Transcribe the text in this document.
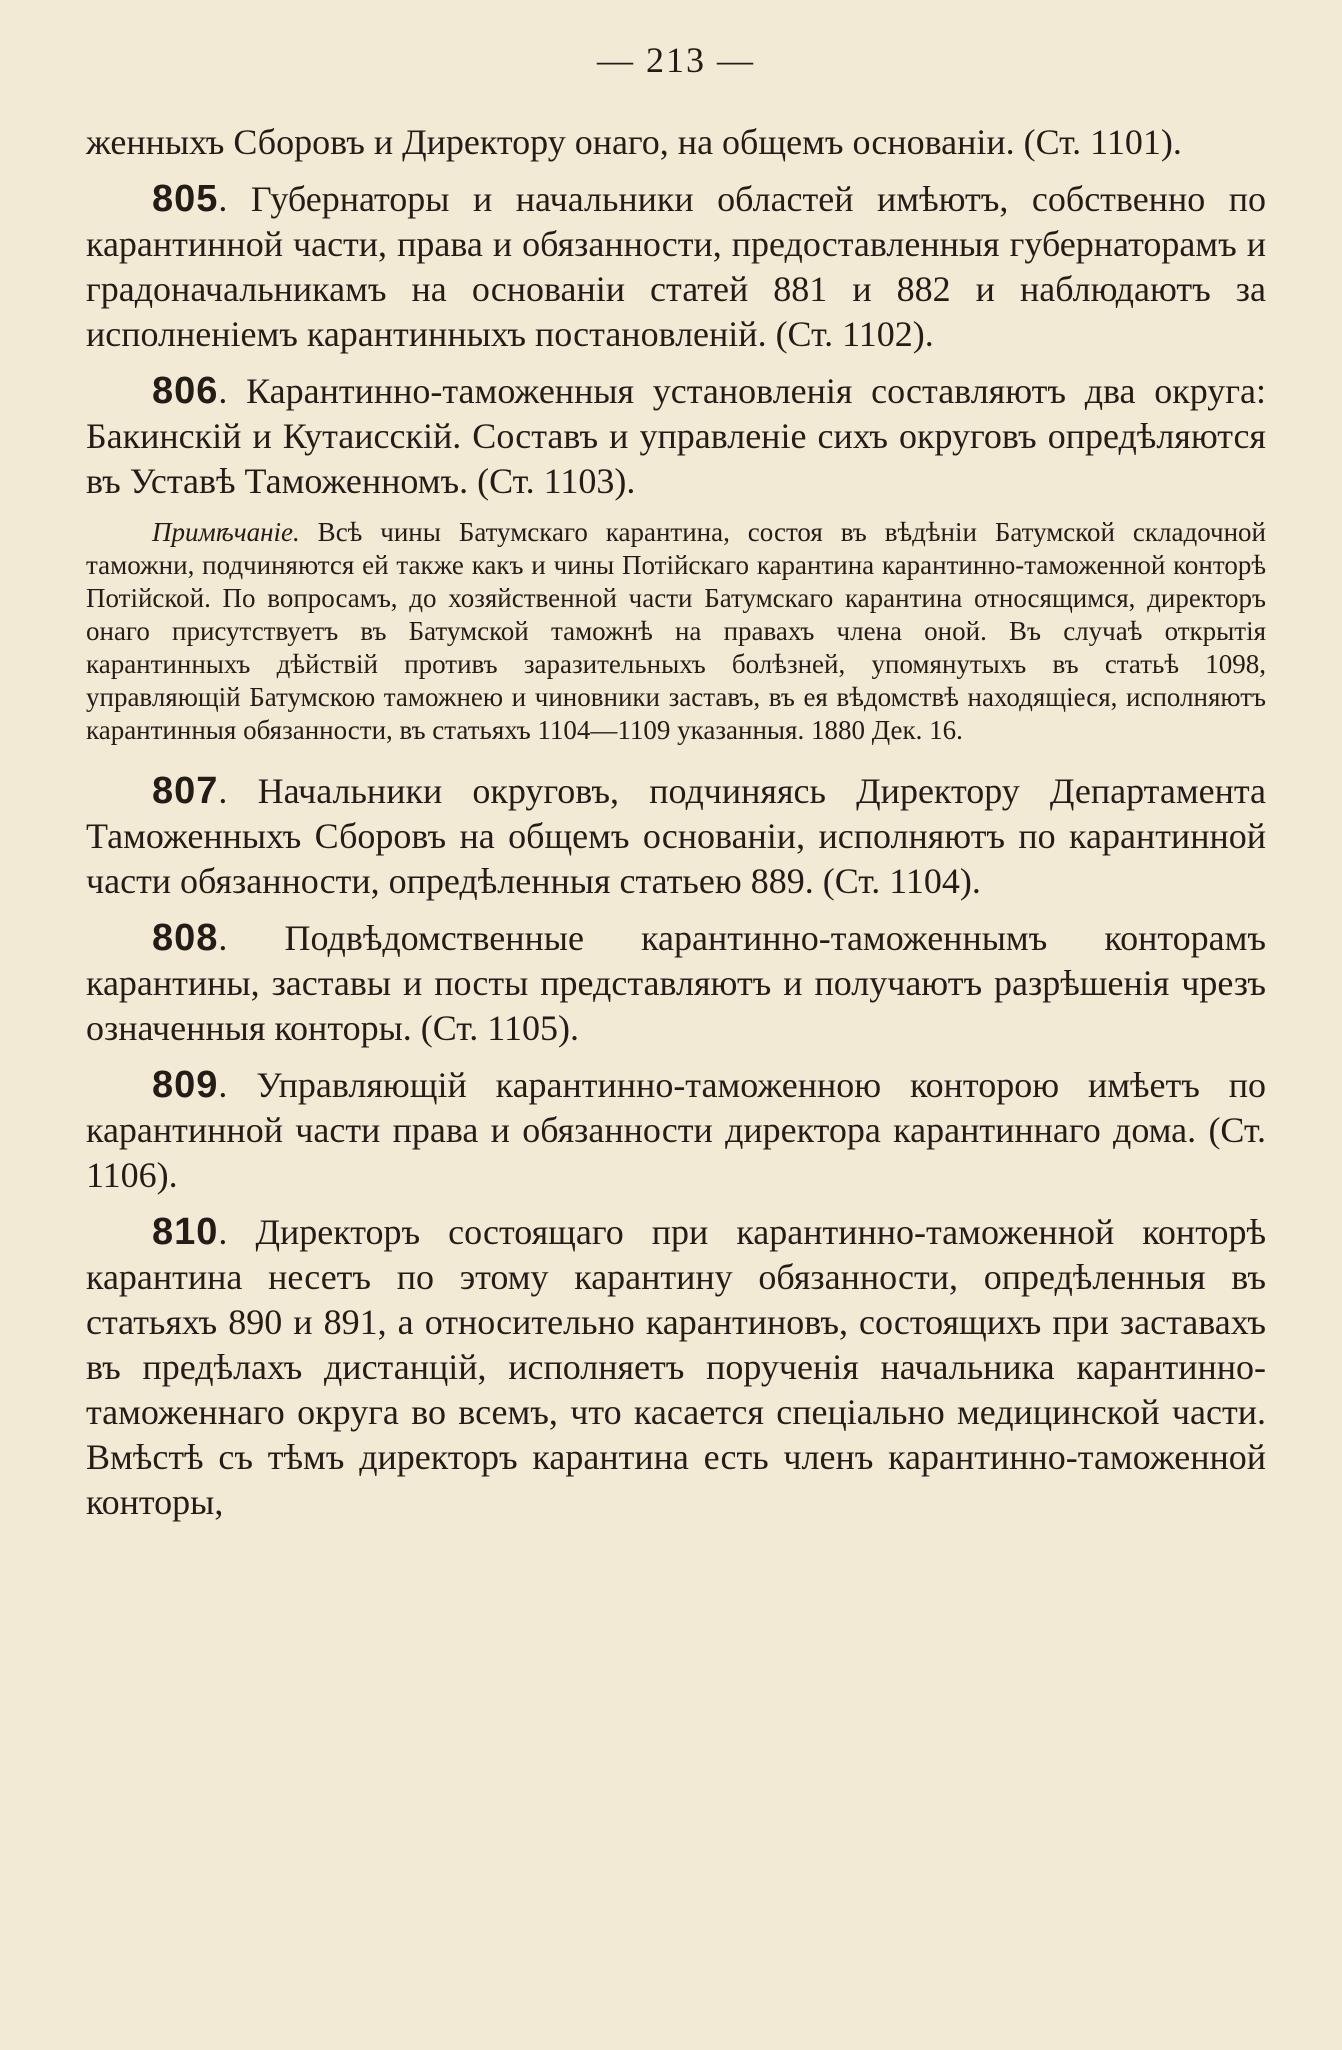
— 213 —

женныхъ Сборовъ и Директору онаго, на общемъ основанiи. (Ст. 1101).

805. Губернаторы и начальники областей имѣютъ, собственно по карантинной части, права и обязанности, предоставленныя губернаторамъ и градоначальникамъ на основанiи статей 881 и 882 и наблюдаютъ за исполненiемъ карантинныхъ постановленiй. (Ст. 1102).

806. Карантинно-таможенныя установленiя составляютъ два округа: Бакинскiй и Кутаисскiй. Составъ и управленiе сихъ округовъ опредѣляются въ Уставѣ Таможенномъ. (Ст. 1103).

Примѣчанiе. Всѣ чины Батумскаго карантина, состоя въ вѣдѣнiи Батумской складочной таможни, подчиняются ей также какъ и чины Потiйскаго карантина карантинно-таможенной конторѣ Потiйской. По вопросамъ, до хозяйственной части Батумскаго карантина относящимся, директоръ онаго присутствуетъ въ Батумской таможнѣ на правахъ члена оной. Въ случаѣ открытiя карантинныхъ дѣйствiй противъ заразительныхъ болѣзней, упомянутыхъ въ статьѣ 1098, управляющiй Батумскою таможнею и чиновники заставъ, въ ея вѣдомствѣ находящiеся, исполняютъ карантинныя обязанности, въ статьяхъ 1104—1109 указанныя. 1880 Дек. 16.

807. Начальники округовъ, подчиняясь Директору Департамента Таможенныхъ Сборовъ на общемъ основанiи, исполняютъ по карантинной части обязанности, опредѣленныя статьею 889. (Ст. 1104).

808. Подвѣдомственные карантинно-таможеннымъ конторамъ карантины, заставы и посты представляютъ и получаютъ разрѣшенiя чрезъ означенныя конторы. (Ст. 1105).

809. Управляющiй карантинно-таможенною конторою имѣетъ по карантинной части права и обязанности директора карантиннаго дома. (Ст. 1106).

810. Директоръ состоящаго при карантинно-таможенной конторѣ карантина несетъ по этому карантину обязанности, опредѣленныя въ статьяхъ 890 и 891, а относительно карантиновъ, состоящихъ при заставахъ въ предѣлахъ дистанцiй, исполняетъ порученiя начальника карантинно-таможеннаго округа во всемъ, что касается спецiально медицинской части. Вмѣстѣ съ тѣмъ директоръ карантина есть членъ карантинно-таможенной конторы,
